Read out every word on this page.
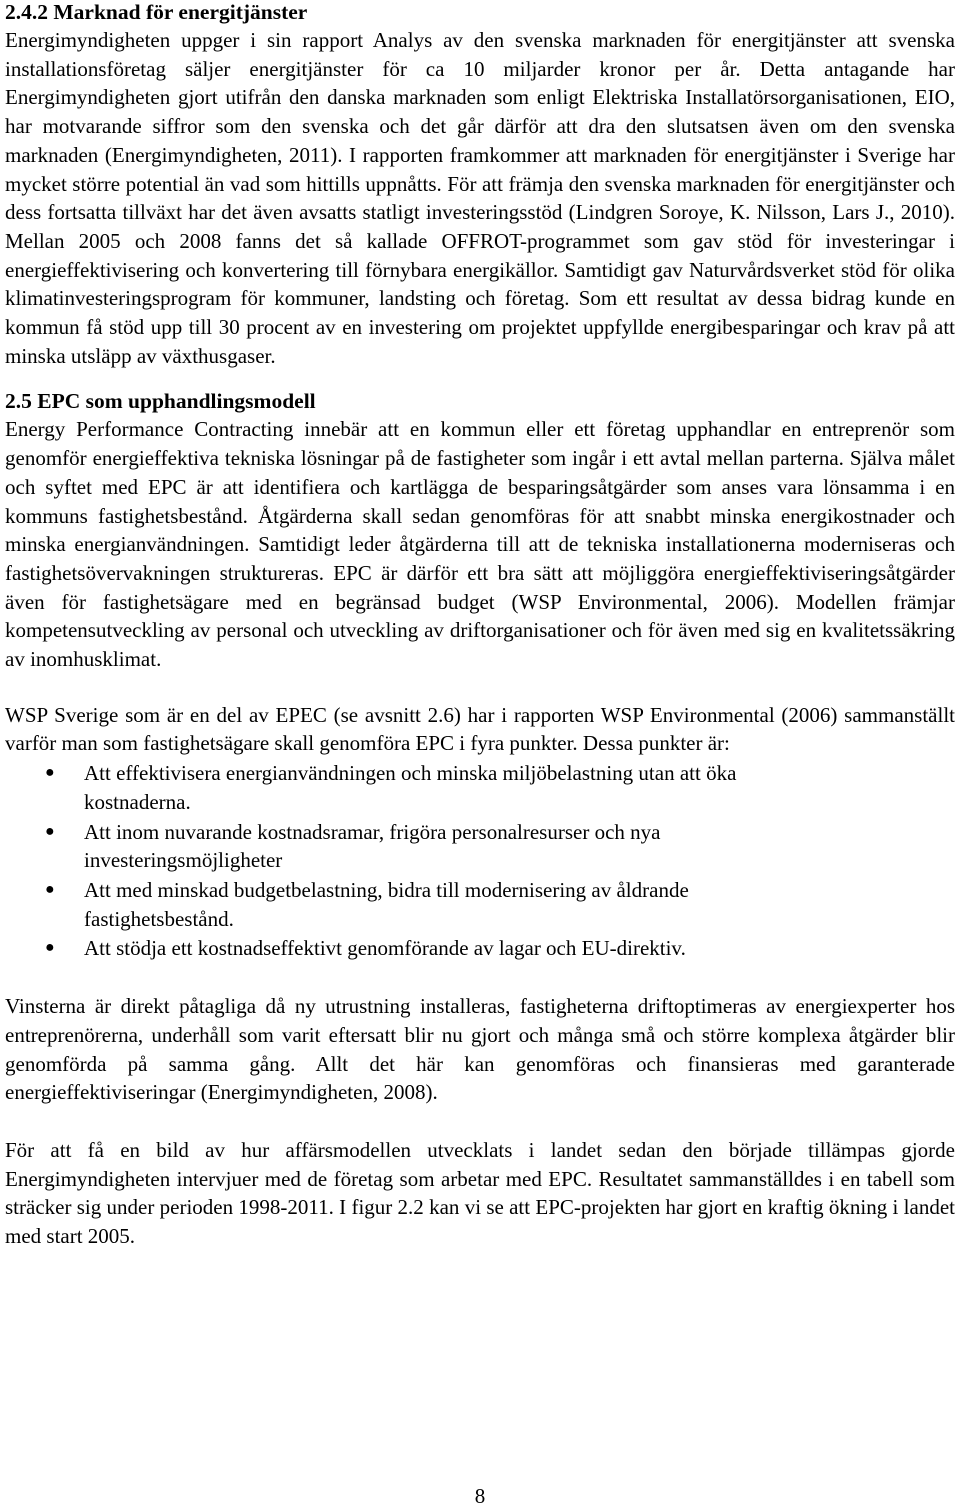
2.4.2 Marknad för energitjänster

Energimyndigheten uppger i sin rapport Analys av den svenska marknaden för energitjänster att svenska installationsföretag säljer energitjänster för ca 10 miljarder kronor per år. Detta antagande har Energimyndigheten gjort utifrån den danska marknaden som enligt Elektriska Installatörsorganisationen, EIO, har motvarande siffror som den svenska och det går därför att dra den slutsatsen även om den svenska marknaden (Energimyndigheten, 2011). I rapporten framkommer att marknaden för energitjänster i Sverige har mycket större potential än vad som hittills uppnåtts. För att främja den svenska marknaden för energitjänster och dess fortsatta tillväxt har det även avsatts statligt investeringsstöd (Lindgren Soroye, K. Nilsson, Lars J., 2010). Mellan 2005 och 2008 fanns det så kallade OFFROT-programmet som gav stöd för investeringar i energieffektivisering och konvertering till förnybara energikällor. Samtidigt gav Naturvårdsverket stöd för olika klimatinvesteringsprogram för kommuner, landsting och företag. Som ett resultat av dessa bidrag kunde en kommun få stöd upp till 30 procent av en investering om projektet uppfyllde energibesparingar och krav på att minska utsläpp av växthusgaser.

2.5 EPC som upphandlingsmodell

Energy Performance Contracting innebär att en kommun eller ett företag upphandlar en entreprenör som genomför energieffektiva tekniska lösningar på de fastigheter som ingår i ett avtal mellan parterna. Själva målet och syftet med EPC är att identifiera och kartlägga de besparingsåtgärder som anses vara lönsamma i en kommuns fastighetsbestånd. Åtgärderna skall sedan genomföras för att snabbt minska energikostnader och minska energianvändningen. Samtidigt leder åtgärderna till att de tekniska installationerna moderniseras och fastighetsövervakningen struktureras. EPC är därför ett bra sätt att möjliggöra energieffektiviseringsåtgärder även för fastighetsägare med en begränsad budget (WSP Environmental, 2006). Modellen främjar kompetensutveckling av personal och utveckling av driftorganisationer och för även med sig en kvalitetssäkring av inomhusklimat.

WSP Sverige som är en del av EPEC (se avsnitt 2.6) har i rapporten WSP Environmental (2006) sammanställt varför man som fastighetsägare skall genomföra EPC i fyra punkter. Dessa punkter är:

● Att effektivisera energianvändningen och minska miljöbelastning utan att öka kostnaderna.
● Att inom nuvarande kostnadsramar, frigöra personalresurser och nya investeringsmöjligheter
● Att med minskad budgetbelastning, bidra till modernisering av åldrande fastighetsbestånd.
● Att stödja ett kostnadseffektivt genomförande av lagar och EU-direktiv.

Vinsterna är direkt påtagliga då ny utrustning installeras, fastigheterna driftoptimeras av energiexperter hos entreprenörerna, underhåll som varit eftersatt blir nu gjort och många små och större komplexa åtgärder blir genomförda på samma gång. Allt det här kan genomföras och finansieras med garanterade energieffektiviseringar (Energimyndigheten, 2008).

För att få en bild av hur affärsmodellen utvecklats i landet sedan den började tillämpas gjorde Energimyndigheten intervjuer med de företag som arbetar med EPC. Resultatet sammanställdes i en tabell som sträcker sig under perioden 1998-2011. I figur 2.2 kan vi se att EPC-projekten har gjort en kraftig ökning i landet med start 2005.

8
